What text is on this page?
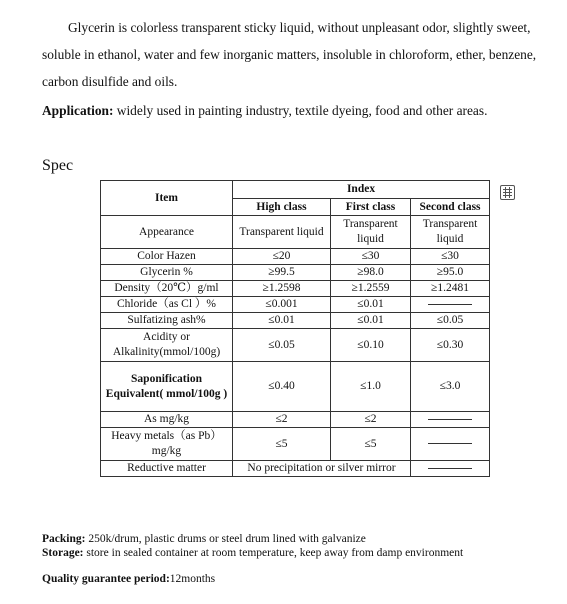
Glycerin is colorless transparent sticky liquid, without unpleasant odor, slightly sweet, soluble in ethanol, water and few inorganic matters, insoluble in chloroform, ether, benzene, carbon disulfide and oils.

Application: widely used in painting industry, textile dyeing, food and other areas.

Spec
Item	Index		
	High class	First class	Second class
Appearance	Transparent liquid	Transparent liquid	Transparent liquid
Color Hazen	≤20	≤30	≤30
Glycerin %	≥99.5	≥98.0	≥95.0
Density（20℃）g/ml	≥1.2598	≥1.2559	≥1.2481
Chloride（as Cl ）%	≤0.001	≤0.01	
Sulfatizing ash%	≤0.01	≤0.01	≤0.05
Acidity or Alkalinity(mmol/100g)	≤0.05	≤0.10	≤0.30
Saponification Equivalent( mmol/100g )	≤0.40	≤1.0	≤3.0
As mg/kg	≤2	≤2	
Heavy metals（as Pb） mg/kg	≤5	≤5	
Reductive matter	No precipitation or silver mirror		

Packing: 250k/drum, plastic drums or steel drum lined with galvanize

Storage: store in sealed container at room temperature, keep away from damp environment

Quality guarantee period:12months
